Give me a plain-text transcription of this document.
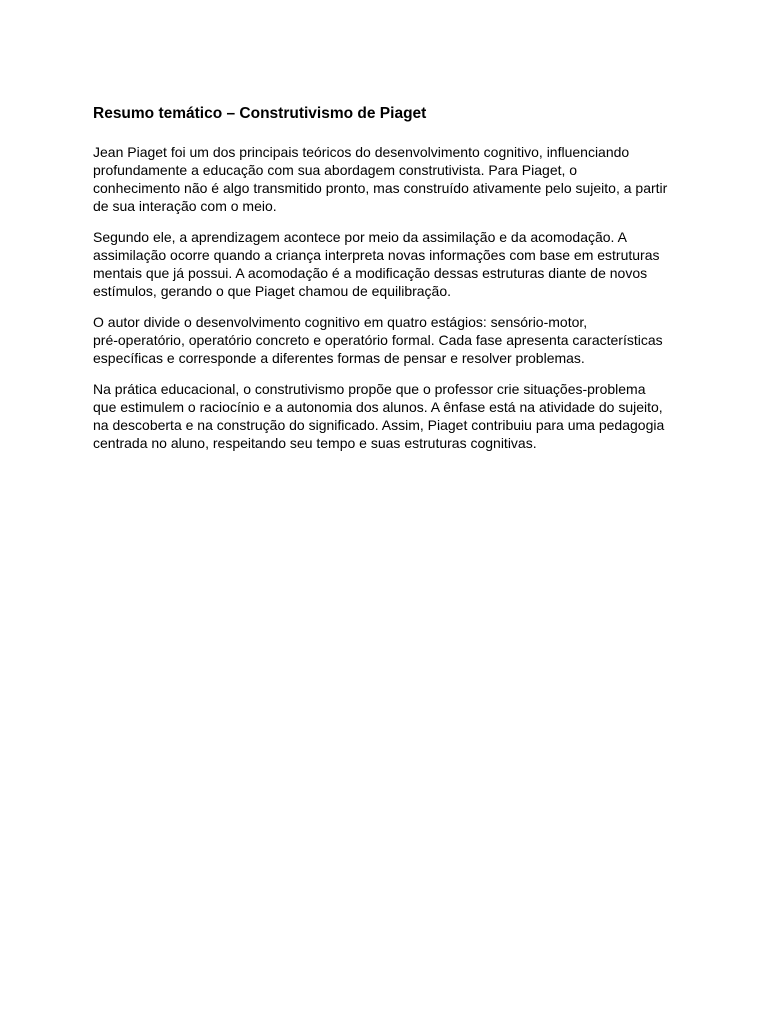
Resumo temático – Construtivismo de Piaget

Jean Piaget foi um dos principais teóricos do desenvolvimento cognitivo, influenciando
profundamente a educação com sua abordagem construtivista. Para Piaget, o
conhecimento não é algo transmitido pronto, mas construído ativamente pelo sujeito, a partir
de sua interação com o meio.

Segundo ele, a aprendizagem acontece por meio da assimilação e da acomodação. A
assimilação ocorre quando a criança interpreta novas informações com base em estruturas
mentais que já possui. A acomodação é a modificação dessas estruturas diante de novos
estímulos, gerando o que Piaget chamou de equilibração.

O autor divide o desenvolvimento cognitivo em quatro estágios: sensório-motor,
pré-operatório, operatório concreto e operatório formal. Cada fase apresenta características
específicas e corresponde a diferentes formas de pensar e resolver problemas.

Na prática educacional, o construtivismo propõe que o professor crie situações-problema
que estimulem o raciocínio e a autonomia dos alunos. A ênfase está na atividade do sujeito,
na descoberta e na construção do significado. Assim, Piaget contribuiu para uma pedagogia
centrada no aluno, respeitando seu tempo e suas estruturas cognitivas.
